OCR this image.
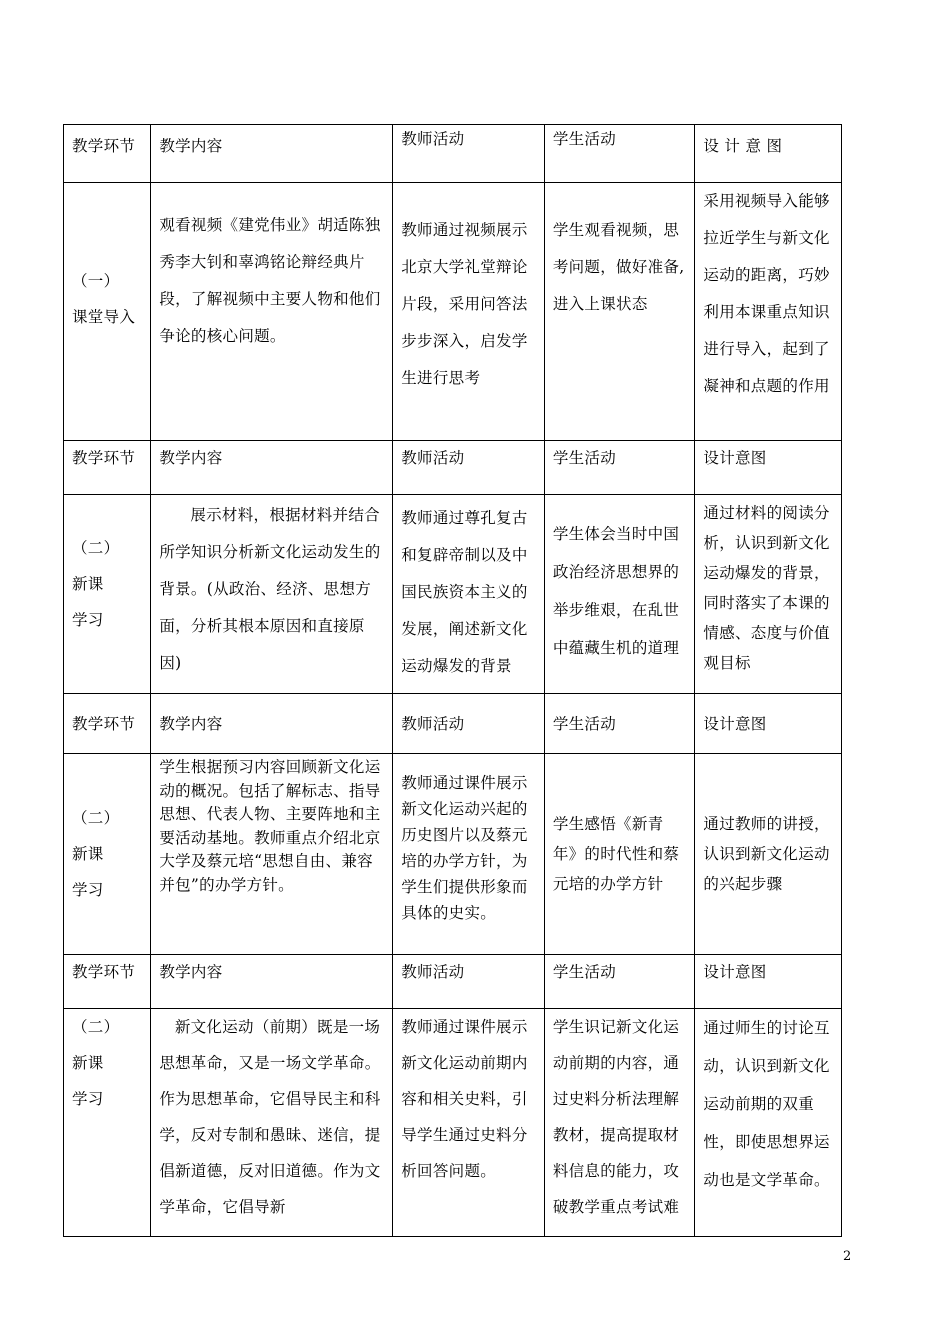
教学环节	教学内容	教师活动	学生活动	设 计 意 图
（一）
课堂导入	观看视频《建党伟业》胡适陈独秀李大钊和辜鸿铭论辩经典片段，了解视频中主要人物和他们争论的核心问题。	教师通过视频展示北京大学礼堂辩论片段，采用问答法步步深入，启发学生进行思考	学生观看视频，思考问题，做好准备,进入上课状态	采用视频导入能够拉近学生与新文化运动的距离，巧妙利用本课重点知识进行导入，起到了凝神和点题的作用
教学环节	教学内容	教师活动	学生活动	设计意图
（二）
新课
学习	展示材料，根据材料并结合所学知识分析新文化运动发生的背景。(从政治、经济、思想方面，分析其根本原因和直接原因)	教师通过尊孔复古和复辟帝制以及中国民族资本主义的发展，阐述新文化运动爆发的背景	学生体会当时中国政治经济思想界的举步维艰，在乱世中蕴藏生机的道理	通过材料的阅读分析，认识到新文化运动爆发的背景，同时落实了本课的情感、态度与价值观目标
教学环节	教学内容	教师活动	学生活动	设计意图
（二）
新课
学习	学生根据预习内容回顾新文化运动的概况。包括了解标志、指导思想、代表人物、主要阵地和主要活动基地。教师重点介绍北京大学及蔡元培“思想自由、兼容并包”的办学方针。	教师通过课件展示新文化运动兴起的历史图片以及蔡元培的办学方针，为学生们提供形象而具体的史实。	学生感悟《新青年》的时代性和蔡元培的办学方针	通过教师的讲授，认识到新文化运动的兴起步骤
教学环节	教学内容	教师活动	学生活动	设计意图
（二）
新课
学习	新文化运动（前期）既是一场思想革命，又是一场文学革命。作为思想革命，它倡导民主和科学，反对专制和愚昧、迷信，提倡新道德，反对旧道德。作为文学革命，它倡导新	教师通过课件展示新文化运动前期内容和相关史料，引导学生通过史料分析回答问题。	学生识记新文化运动前期的内容，通过史料分析法理解教材，提高提取材料信息的能力，攻破教学重点考试难	通过师生的讨论互动，认识到新文化运动前期的双重性，即使思想界运动也是文学革命。
2
